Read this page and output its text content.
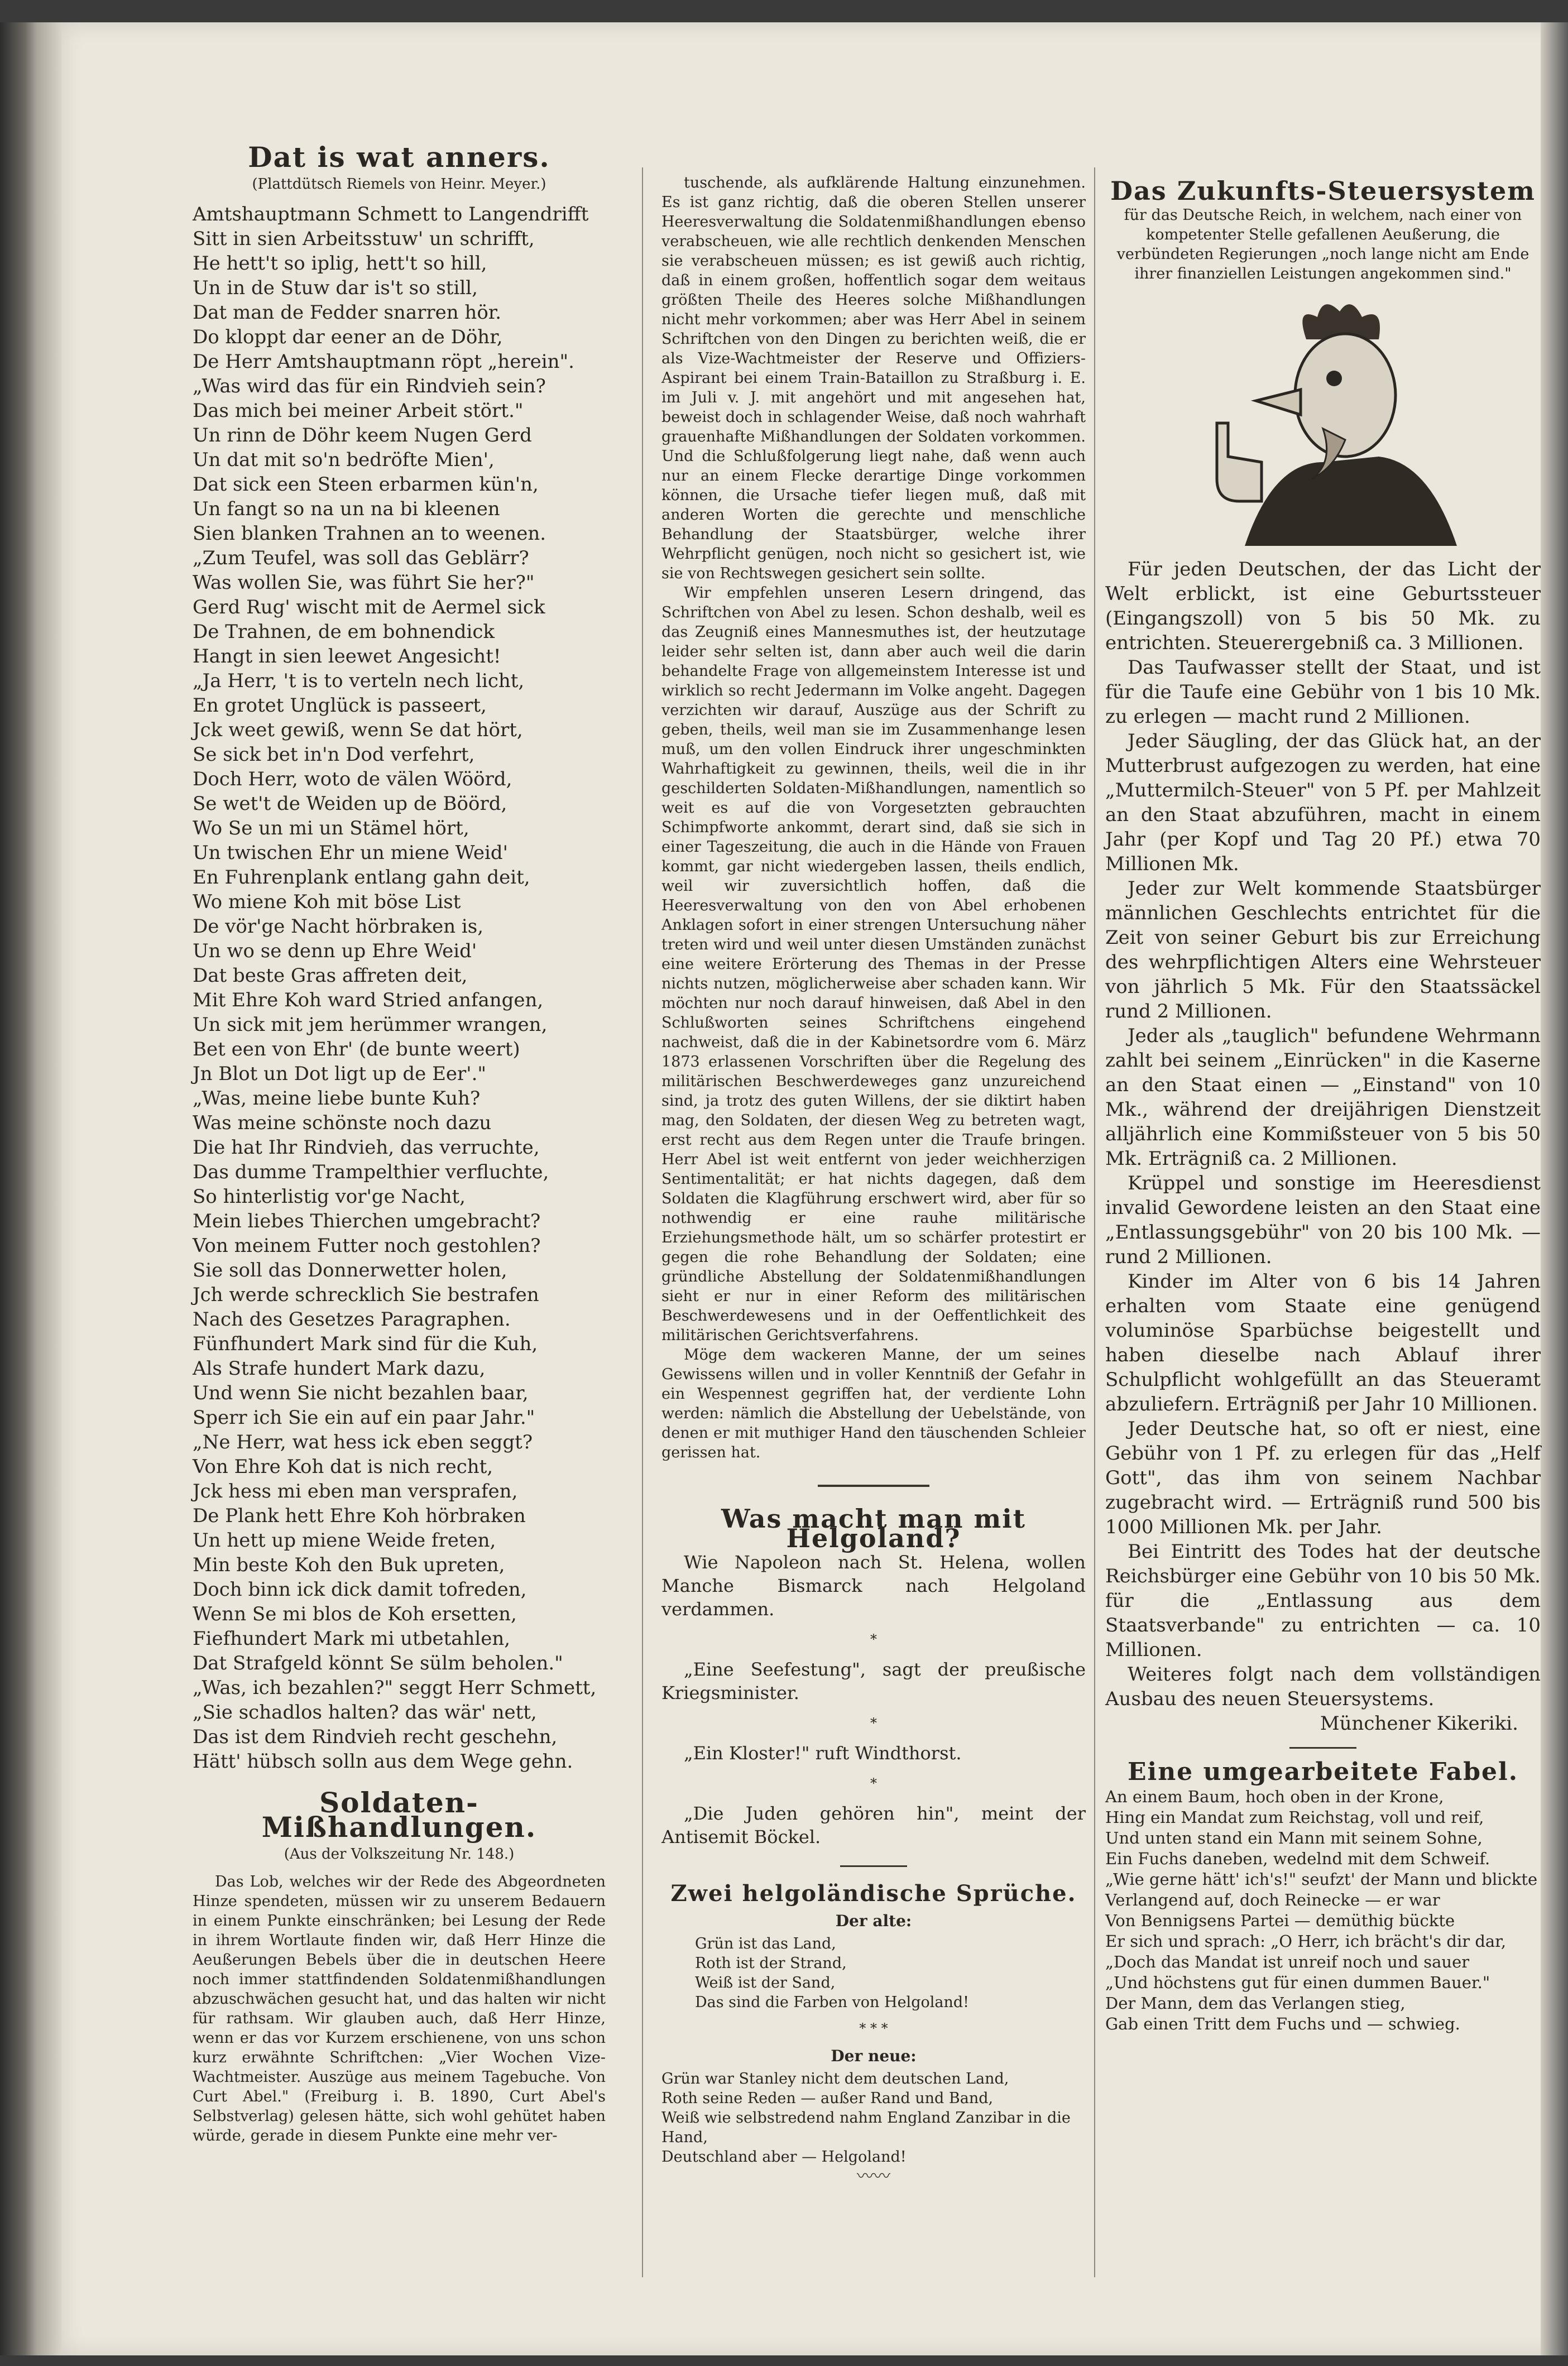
Dat is wat anners.
(Plattdütsch Riemels von Heinr. Meyer.)

Amtshauptmann Schmett to Langendrifft

Sitt in sien Arbeitsstuw' un schrifft,

He hett't so iplig, hett't so hill,

Un in de Stuw dar is't so still,

Dat man de Fedder snarren hör.

Do kloppt dar eener an de Döhr,

De Herr Amtshauptmann röpt „herein".

„Was wird das für ein Rindvieh sein?

Das mich bei meiner Arbeit stört."

Un rinn de Döhr keem Nugen Gerd

Un dat mit so'n bedröfte Mien',

Dat sick een Steen erbarmen kün'n,

Un fangt so na un na bi kleenen

Sien blanken Trahnen an to weenen.

„Zum Teufel, was soll das Geblärr?

Was wollen Sie, was führt Sie her?"

Gerd Rug' wischt mit de Aermel sick

De Trahnen, de em bohnendick

Hangt in sien leewet Angesicht!

„Ja Herr, 't is to verteln nech licht,

En grotet Unglück is passeert,

Jck weet gewiß, wenn Se dat hört,

Se sick bet in'n Dod verfehrt,

Doch Herr, woto de välen Wöörd,

Se wet't de Weiden up de Böörd,

Wo Se un mi un Stämel hört,

Un twischen Ehr un miene Weid'

En Fuhrenplank entlang gahn deit,

Wo miene Koh mit böse List

De vör'ge Nacht hörbraken is,

Un wo se denn up Ehre Weid'

Dat beste Gras affreten deit,

Mit Ehre Koh ward Stried anfangen,

Un sick mit jem herümmer wrangen,

Bet een von Ehr' (de bunte weert)

Jn Blot un Dot ligt up de Eer'."

„Was, meine liebe bunte Kuh?

Was meine schönste noch dazu

Die hat Ihr Rindvieh, das verruchte,

Das dumme Trampelthier verfluchte,

So hinterlistig vor'ge Nacht,

Mein liebes Thierchen umgebracht?

Von meinem Futter noch gestohlen?

Sie soll das Donnerwetter holen,

Jch werde schrecklich Sie bestrafen

Nach des Gesetzes Paragraphen.

Fünfhundert Mark sind für die Kuh,

Als Strafe hundert Mark dazu,

Und wenn Sie nicht bezahlen baar,

Sperr ich Sie ein auf ein paar Jahr."

„Ne Herr, wat hess ick eben seggt?

Von Ehre Koh dat is nich recht,

Jck hess mi eben man versprafen,

De Plank hett Ehre Koh hörbraken

Un hett up miene Weide freten,

Min beste Koh den Buk upreten,

Doch binn ick dick damit tofreden,

Wenn Se mi blos de Koh ersetten,

Fiefhundert Mark mi utbetahlen,

Dat Strafgeld könnt Se sülm beholen."

„Was, ich bezahlen?" seggt Herr Schmett,

„Sie schadlos halten? das wär' nett,

Das ist dem Rindvieh recht geschehn,

Hätt' hübsch solln aus dem Wege gehn.

Soldaten-Mißhandlungen.
(Aus der Volkszeitung Nr. 148.)

Das Lob, welches wir der Rede des Abgeordneten Hinze spendeten, müssen wir zu unserem Bedauern in einem Punkte einschränken; bei Lesung der Rede in ihrem Wortlaute finden wir, daß Herr Hinze die Aeußerungen Bebels über die in deutschen Heere noch immer stattfindenden Soldatenmißhandlungen abzuschwächen gesucht hat, und das halten wir nicht für rathsam. Wir glauben auch, daß Herr Hinze, wenn er das vor Kurzem erschienene, von uns schon kurz erwähnte Schriftchen: „Vier Wochen Vize-Wachtmeister. Auszüge aus meinem Tagebuche. Von Curt Abel." (Freiburg i. B. 1890, Curt Abel's Selbstverlag) gelesen hätte, sich wohl gehütet haben würde, gerade in diesem Punkte eine mehr ver-

tuschende, als aufklärende Haltung einzunehmen. Es ist ganz richtig, daß die oberen Stellen unserer Heeresverwaltung die Soldatenmißhandlungen ebenso verabscheuen, wie alle rechtlich denkenden Menschen sie verabscheuen müssen; es ist gewiß auch richtig, daß in einem großen, hoffentlich sogar dem weitaus größten Theile des Heeres solche Mißhandlungen nicht mehr vorkommen; aber was Herr Abel in seinem Schriftchen von den Dingen zu berichten weiß, die er als Vize-Wachtmeister der Reserve und Offiziers-Aspirant bei einem Train-Bataillon zu Straßburg i. E. im Juli v. J. mit angehört und mit angesehen hat, beweist doch in schlagender Weise, daß noch wahrhaft grauenhafte Mißhandlungen der Soldaten vorkommen. Und die Schlußfolgerung liegt nahe, daß wenn auch nur an einem Flecke derartige Dinge vorkommen können, die Ursache tiefer liegen muß, daß mit anderen Worten die gerechte und menschliche Behandlung der Staatsbürger, welche ihrer Wehrpflicht genügen, noch nicht so gesichert ist, wie sie von Rechtswegen gesichert sein sollte.

Wir empfehlen unseren Lesern dringend, das Schriftchen von Abel zu lesen. Schon deshalb, weil es das Zeugniß eines Mannesmuthes ist, der heutzutage leider sehr selten ist, dann aber auch weil die darin behandelte Frage von allgemeinstem Interesse ist und wirklich so recht Jedermann im Volke angeht. Dagegen verzichten wir darauf, Auszüge aus der Schrift zu geben, theils, weil man sie im Zusammenhange lesen muß, um den vollen Eindruck ihrer ungeschminkten Wahrhaftigkeit zu gewinnen, theils, weil die in ihr geschilderten Soldaten-Mißhandlungen, namentlich so weit es auf die von Vorgesetzten gebrauchten Schimpfworte ankommt, derart sind, daß sie sich in einer Tageszeitung, die auch in die Hände von Frauen kommt, gar nicht wiedergeben lassen, theils endlich, weil wir zuversichtlich hoffen, daß die Heeresverwaltung von den von Abel erhobenen Anklagen sofort in einer strengen Untersuchung näher treten wird und weil unter diesen Umständen zunächst eine weitere Erörterung des Themas in der Presse nichts nutzen, möglicherweise aber schaden kann. Wir möchten nur noch darauf hinweisen, daß Abel in den Schlußworten seines Schriftchens eingehend nachweist, daß die in der Kabinetsordre vom 6. März 1873 erlassenen Vorschriften über die Regelung des militärischen Beschwerdeweges ganz unzureichend sind, ja trotz des guten Willens, der sie diktirt haben mag, den Soldaten, der diesen Weg zu betreten wagt, erst recht aus dem Regen unter die Traufe bringen. Herr Abel ist weit entfernt von jeder weichherzigen Sentimentalität; er hat nichts dagegen, daß dem Soldaten die Klagführung erschwert wird, aber für so nothwendig er eine rauhe militärische Erziehungsmethode hält, um so schärfer protestirt er gegen die rohe Behandlung der Soldaten; eine gründliche Abstellung der Soldatenmißhandlungen sieht er nur in einer Reform des militärischen Beschwerdewesens und in der Oeffentlichkeit des militärischen Gerichtsverfahrens.

Möge dem wackeren Manne, der um seines Gewissens willen und in voller Kenntniß der Gefahr in ein Wespennest gegriffen hat, der verdiente Lohn werden: nämlich die Abstellung der Uebelstände, von denen er mit muthiger Hand den täuschenden Schleier gerissen hat.

Was macht man mit Helgoland?

Wie Napoleon nach St. Helena, wollen Manche Bismarck nach Helgoland verdammen.

*

„Eine Seefestung", sagt der preußische Kriegsminister.

*

„Ein Kloster!" ruft Windthorst.

*

„Die Juden gehören hin", meint der Antisemit Böckel.

Zwei helgoländische Sprüche.
Der alte:

Grün ist das Land,

Roth ist der Strand,

Weiß ist der Sand,

Das sind die Farben von Helgoland!

* * *
Der neue:

Grün war Stanley nicht dem deutschen Land,

Roth seine Reden — außer Rand und Band,

Weiß wie selbstredend nahm England Zanzibar in die

Hand,

Deutschland aber — Helgoland!

〰〰
Das Zukunfts-Steuersystem

für das Deutsche Reich, in welchem, nach einer von kompetenter Stelle gefallenen Aeußerung, die verbündeten Regierungen „noch lange nicht am Ende ihrer finanziellen Leistungen angekommen sind."

Für jeden Deutschen, der das Licht der Welt erblickt, ist eine Geburtssteuer (Eingangszoll) von 5 bis 50 Mk. zu entrichten. Steuerergebniß ca. 3 Millionen.

Das Taufwasser stellt der Staat, und ist für die Taufe eine Gebühr von 1 bis 10 Mk. zu erlegen — macht rund 2 Millionen.

Jeder Säugling, der das Glück hat, an der Mutterbrust aufgezogen zu werden, hat eine „Muttermilch-Steuer" von 5 Pf. per Mahlzeit an den Staat abzuführen, macht in einem Jahr (per Kopf und Tag 20 Pf.) etwa 70 Millionen Mk.

Jeder zur Welt kommende Staatsbürger männlichen Geschlechts entrichtet für die Zeit von seiner Geburt bis zur Erreichung des wehrpflichtigen Alters eine Wehrsteuer von jährlich 5 Mk. Für den Staatssäckel rund 2 Millionen.

Jeder als „tauglich" befundene Wehrmann zahlt bei seinem „Einrücken" in die Kaserne an den Staat einen — „Einstand" von 10 Mk., während der dreijährigen Dienstzeit alljährlich eine Kommißsteuer von 5 bis 50 Mk. Erträgniß ca. 2 Millionen.

Krüppel und sonstige im Heeresdienst invalid Gewordene leisten an den Staat eine „Entlassungsgebühr" von 20 bis 100 Mk. — rund 2 Millionen.

Kinder im Alter von 6 bis 14 Jahren erhalten vom Staate eine genügend voluminöse Sparbüchse beigestellt und haben dieselbe nach Ablauf ihrer Schulpflicht wohlgefüllt an das Steueramt abzuliefern. Erträgniß per Jahr 10 Millionen.

Jeder Deutsche hat, so oft er niest, eine Gebühr von 1 Pf. zu erlegen für das „Helf Gott", das ihm von seinem Nachbar zugebracht wird. — Erträgniß rund 500 bis 1000 Millionen Mk. per Jahr.

Bei Eintritt des Todes hat der deutsche Reichsbürger eine Gebühr von 10 bis 50 Mk. für die „Entlassung aus dem Staatsverbande" zu entrichten — ca. 10 Millionen.

Weiteres folgt nach dem vollständigen Ausbau des neuen Steuersystems.

Münchener Kikeriki.
Eine umgearbeitete Fabel.

An einem Baum, hoch oben in der Krone,

Hing ein Mandat zum Reichstag, voll und reif,

Und unten stand ein Mann mit seinem Sohne,

Ein Fuchs daneben, wedelnd mit dem Schweif.

„Wie gerne hätt' ich's!" seufzt' der Mann und blickte

Verlangend auf, doch Reinecke — er war

Von Bennigsens Partei — demüthig bückte

Er sich und sprach: „O Herr, ich brächt's dir dar,

„Doch das Mandat ist unreif noch und sauer

„Und höchstens gut für einen dummen Bauer."

Der Mann, dem das Verlangen stieg,

Gab einen Tritt dem Fuchs und — schwieg.
